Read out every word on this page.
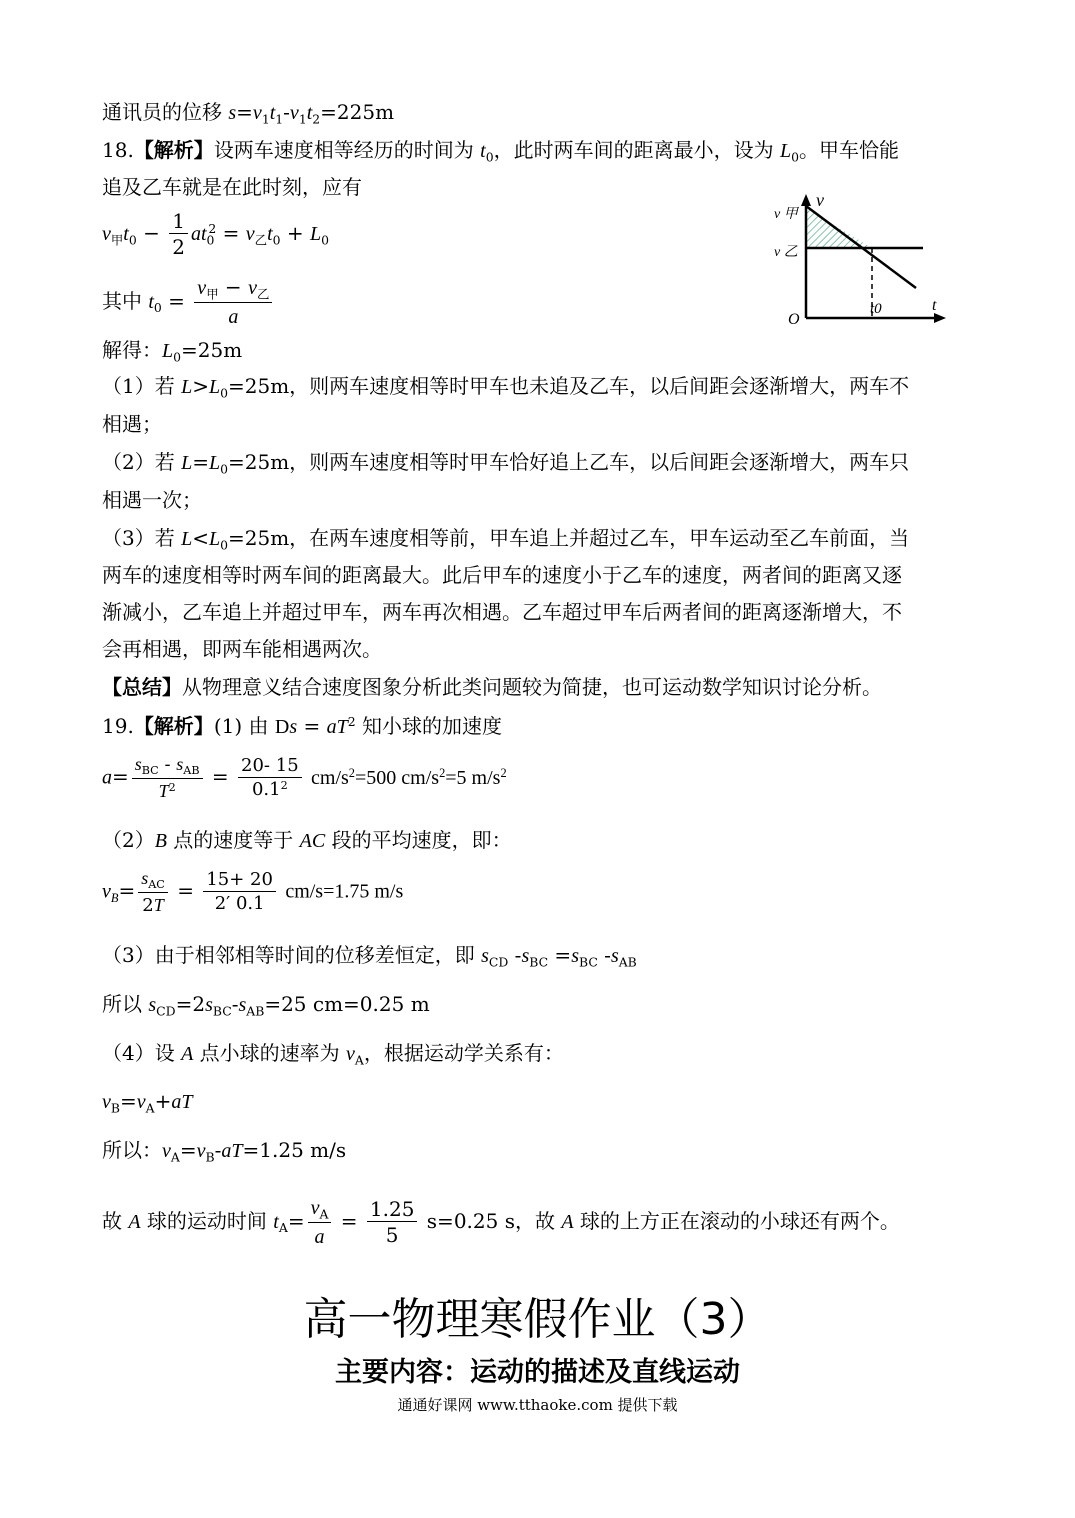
通讯员的位移 $s=v_1t_1-v_1t_2=225m$
18.【解析】设两车速度相等经历的时间为 $t_0$，此时两车间的距离最小，设为 $L_0$。甲车恰能
追及乙车就是在此时刻，应有
$v_甲t_0 - \frac{1}{2} at_0^2 = v_乙t_0 + L_0$
其中 $t_0 = \frac{v_甲 - v_乙}{a}$
解得：$L_0=25m$
（1）若 $L>L_0=25m$，则两车速度相等时甲车也未追及乙车，以后间距会逐渐增大，两车不
相遇；
（2）若 $L=L_0=25m$，则两车速度相等时甲车恰好追上乙车，以后间距会逐渐增大，两车只
相遇一次；
（3）若 $L<L_0=25m$，在两车速度相等前，甲车追上并超过乙车，甲车运动至乙车前面，当
两车的速度相等时两车间的距离最大。此后甲车的速度小于乙车的速度，两者间的距离又逐
渐减小，乙车追上并超过甲车，两车再次相遇。乙车超过甲车后两者间的距离逐渐增大，不
会再相遇，即两车能相遇两次。
【总结】从物理意义结合速度图象分析此类问题较为简捷，也可运动数学知识讨论分析。
19.【解析】(1) 由 $Ds = aT^2$ 知小球的加速度
$a= \frac{s_{BC} - s_{AB}}{T^2} = \frac{20- 15}{0.1^2} cm/s^2=500$ $cm/s^2=5$ $m/s^2$
（2）B 点的速度等于 AC 段的平均速度，即：
$v_B= \frac{s_{AC}}{2T} = \frac{15+ 20}{2' 0.1} cm/s=1.75$ m/s
（3）由于相邻相等时间的位移差恒定，即 $s_{CD}$ $-s_{BC} =s_{BC}$ $-s_{AB}$
所以 $s_{CD}=2s_{BC}-s_{AB}=25$ cm=0.25 m
（4）设 A 点小球的速率为 $v_A$，根据运动学关系有：
$v_B=v_A+aT$
所以：$v_A=v_B-aT=1.25$ m/s
故 A 球的运动时间 $t_A= \frac{v_A}{a} = \frac{1.25}{5} s=0.25$ s，故 A 球的上方正在滚动的小球还有两个。
v
v 甲
v 乙
O
t0	t
高一物理寒假作业（3）
主要内容：运动的描述及直线运动
通通好课网 www.tthaoke.com 提供下载
